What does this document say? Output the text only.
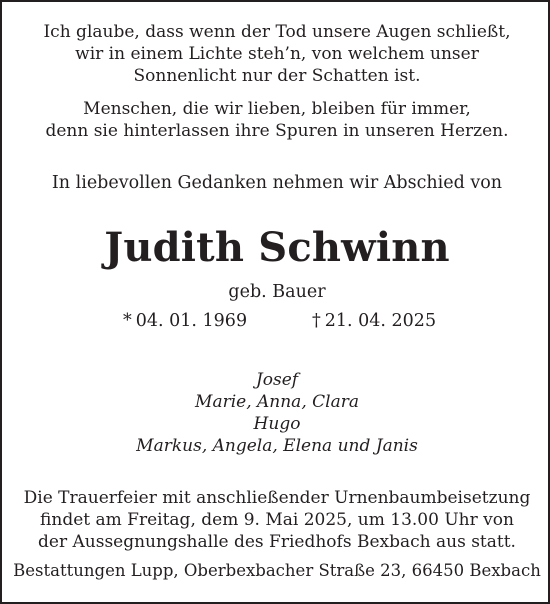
Ich glaube, dass wenn der Tod unsere Augen schließt,
wir in einem Lichte steh’n, von welchem unser
Sonnenlicht nur der Schatten ist.
Menschen, die wir lieben, bleiben für immer,
denn sie hinterlassen ihre Spuren in unseren Herzen.
In liebevollen Gedanken nehmen wir Abschied von
Judith Schwinn
geb. Bauer
* 04. 01. 1969	† 21. 04. 2025
Josef
Marie, Anna, Clara
Hugo
Markus, Angela, Elena und Janis
Die Trauerfeier mit anschließender Urnenbaumbeisetzung
findet am Freitag, dem 9. Mai 2025, um 13.00 Uhr von
der Aussegnungshalle des Friedhofs Bexbach aus statt.
Bestattungen Lupp, Oberbexbacher Straße 23, 66450 Bexbach
